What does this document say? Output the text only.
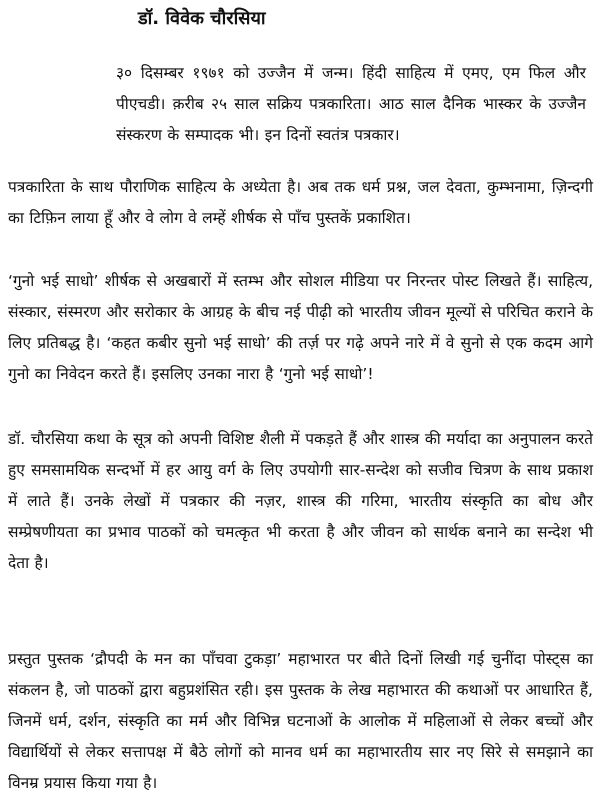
डॉ. विवेक चौरसिया

३० दिसम्बर १९७१ को उज्जैन में जन्म। हिंदी साहित्य में एमए, एम फिल और पीएचडी। क़रीब २५ साल सक्रिय पत्रकारिता। आठ साल दैनिक भास्कर के उज्जैन संस्करण के सम्पादक भी। इन दिनों स्वतंत्र पत्रकार।

पत्रकारिता के साथ पौराणिक साहित्य के अध्येता है। अब तक धर्म प्रश्न, जल देवता, कुम्भनामा, ज़िन्दगी का टिफ़िन लाया हूँ और वे लोग वे लम्हें शीर्षक से पाँच पुस्तकें प्रकाशित।

‘गुनो भई साधो’ शीर्षक से अखबारों में स्तम्भ और सोशल मीडिया पर निरन्तर पोस्ट लिखते हैं। साहित्य, संस्कार, संस्मरण और सरोकार के आग्रह के बीच नई पीढ़ी को भारतीय जीवन मूल्यों से परिचित कराने के लिए प्रतिबद्ध है। ‘कहत कबीर सुनो भई साधो’ की तर्ज़ पर गढ़े अपने नारे में वे सुनो से एक कदम आगे गुनो का निवेदन करते हैं। इसलिए उनका नारा है ‘गुनो भई साधो’!

डॉ. चौरसिया कथा के सूत्र को अपनी विशिष्ट शैली में पकड़ते हैं और शास्त्र की मर्यादा का अनुपालन करते हुए समसामयिक सन्दर्भो में हर आयु वर्ग के लिए उपयोगी सार-सन्देश को सजीव चित्रण के साथ प्रकाश में लाते हैं। उनके लेखों में पत्रकार की नज़र, शास्त्र की गरिमा, भारतीय संस्कृति का बोध और सम्प्रेषणीयता का प्रभाव पाठकों को चमत्कृत भी करता है और जीवन को सार्थक बनाने का सन्देश भी देता है।

प्रस्तुत पुस्तक ‘द्रौपदी के मन का पाँचवा टुकड़ा’ महाभारत पर बीते दिनों लिखी गई चुनींदा पोस्ट्स का संकलन है, जो पाठकों द्वारा बहुप्रशंसित रही। इस पुस्तक के लेख महाभारत की कथाओं पर आधारित हैं, जिनमें धर्म, दर्शन, संस्कृति का मर्म और विभिन्न घटनाओं के आलोक में महिलाओं से लेकर बच्चों और विद्यार्थियों से लेकर सत्तापक्ष में बैठे लोगों को मानव धर्म का महाभारतीय सार नए सिरे से समझाने का विनम्र प्रयास किया गया है।
